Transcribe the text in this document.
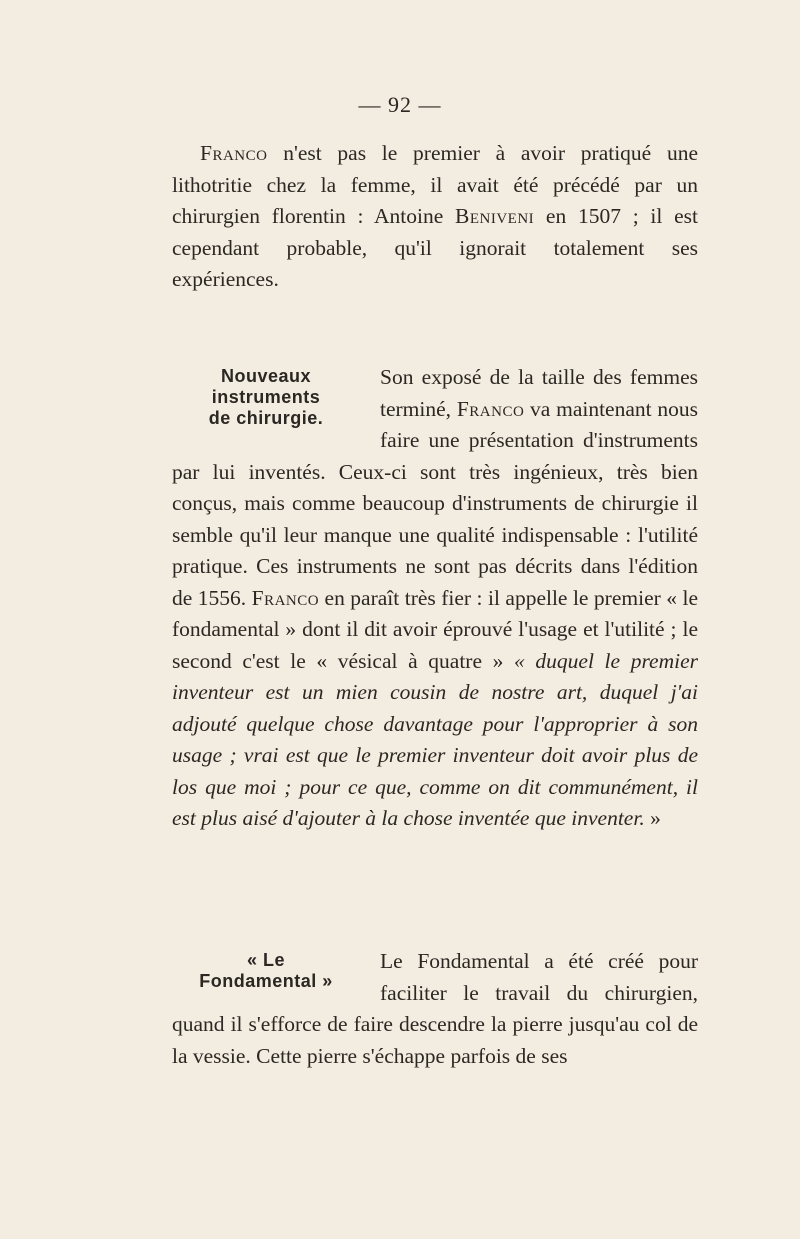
— 92 —
Franco n'est pas le premier à avoir pratiqué une lithotritie chez la femme, il avait été précédé par un chirurgien florentin : Antoine Beniveni en 1507 ; il est cependant probable, qu'il ignorait totalement ses expériences.
Nouveaux
instruments
de chirurgie.
Son exposé de la taille des femmes terminé, Franco va maintenant nous faire une présentation d'instruments par lui inventés. Ceux-ci sont très ingénieux, très bien conçus, mais comme beaucoup d'instruments de chirurgie il semble qu'il leur manque une qualité indispensable : l'utilité pratique. Ces instruments ne sont pas décrits dans l'édition de 1556. Franco en paraît très fier : il appelle le premier « le fondamental » dont il dit avoir éprouvé l'usage et l'utilité ; le second c'est le « vésical à quatre » « duquel le premier inventeur est un mien cousin de nostre art, duquel j'ai adjouté quelque chose davantage pour l'approprier à son usage ; vrai est que le premier inventeur doit avoir plus de los que moi ; pour ce que, comme on dit communément, il est plus aisé d'ajouter à la chose inventée que inventer. »
« Le
Fondamental »
Le Fondamental a été créé pour faciliter le travail du chirurgien, quand il s'efforce de faire descendre la pierre jusqu'au col de la vessie. Cette pierre s'échappe parfois de ses
